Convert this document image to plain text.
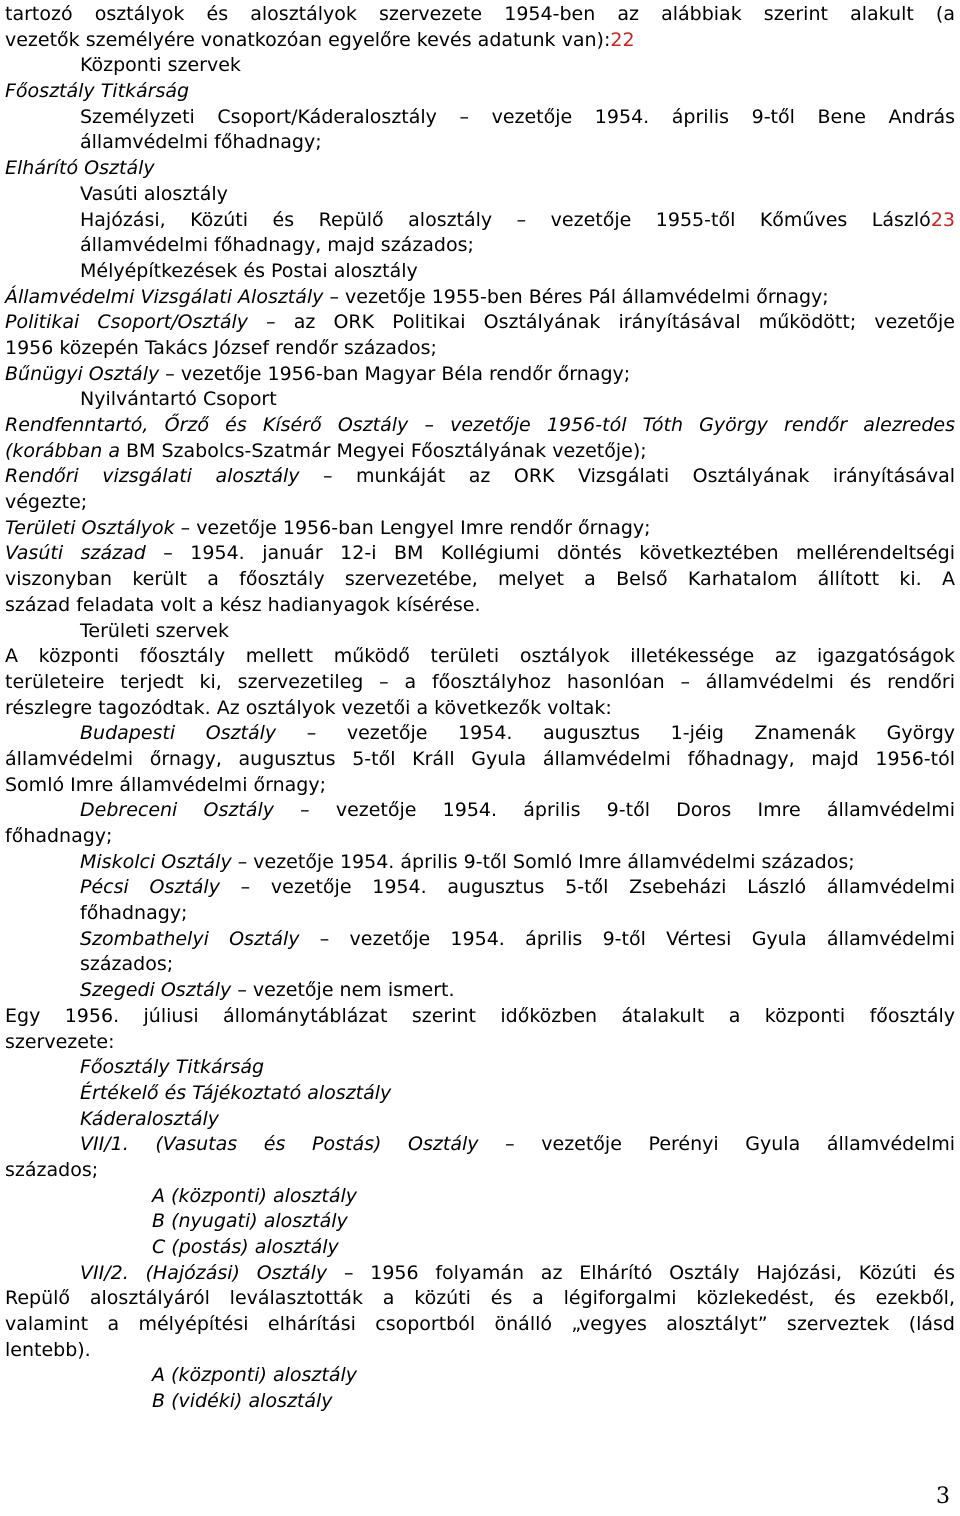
tartozó osztályok és alosztályok szervezete 1954-ben az alábbiak szerint alakult (a
vezetők személyére vonatkozóan egyelőre kevés adatunk van):22
Központi szervek
Főosztály Titkárság
Személyzeti Csoport/Káderalosztály – vezetője 1954. április 9-től Bene András
államvédelmi főhadnagy;
Elhárító Osztály
Vasúti alosztály
Hajózási, Közúti és Repülő alosztály – vezetője 1955-től Kőműves László 23
államvédelmi főhadnagy, majd százados;
Mélyépítkezések és Postai alosztály
Államvédelmi Vizsgálati Alosztály – vezetője 1955-ben Béres Pál államvédelmi őrnagy;
Politikai Csoport/Osztály – az ORK Politikai Osztályának irányításával működött; vezetője
1956 közepén Takács József rendőr százados;
Bűnügyi Osztály – vezetője 1956-ban Magyar Béla rendőr őrnagy;
Nyilvántartó Csoport
Rendfenntartó, Őrző és Kísérő Osztály – vezetője 1956-tól Tóth György rendőr alezredes
(korábban a BM Szabolcs-Szatmár Megyei Főosztályának vezetője);
Rendőri vizsgálati alosztály – munkáját az ORK Vizsgálati Osztályának irányításával
végezte;
Területi Osztályok – vezetője 1956-ban Lengyel Imre rendőr őrnagy;
Vasúti század – 1954. január 12-i BM Kollégiumi döntés következtében mellérendeltségi
viszonyban került a főosztály szervezetébe, melyet a Belső Karhatalom állított ki. A
század feladata volt a kész hadianyagok kísérése.
Területi szervek
A központi főosztály mellett működő területi osztályok illetékessége az igazgatóságok
területeire terjedt ki, szervezetileg – a főosztályhoz hasonlóan – államvédelmi és rendőri
részlegre tagozódtak. Az osztályok vezetői a következők voltak:
Budapesti Osztály – vezetője 1954. augusztus 1-jéig Znamenák György
államvédelmi őrnagy, augusztus 5-től Králl Gyula államvédelmi főhadnagy, majd 1956-tól
Somló Imre államvédelmi őrnagy;
Debreceni Osztály – vezetője 1954. április 9-től Doros Imre államvédelmi
főhadnagy;
Miskolci Osztály – vezetője 1954. április 9-től Somló Imre államvédelmi százados;
Pécsi Osztály – vezetője 1954. augusztus 5-től Zsebeházi László államvédelmi
főhadnagy;
Szombathelyi Osztály – vezetője 1954. április 9-től Vértesi Gyula államvédelmi
százados;
Szegedi Osztály – vezetője nem ismert.
Egy 1956. júliusi állománytáblázat szerint időközben átalakult a központi főosztály
szervezete:
Főosztály Titkárság
Értékelő és Tájékoztató alosztály
Káderalosztály
VII/1. (Vasutas és Postás) Osztály – vezetője Perényi Gyula államvédelmi
százados;
A (központi) alosztály
B (nyugati) alosztály
C (postás) alosztály
VII/2. (Hajózási) Osztály – 1956 folyamán az Elhárító Osztály Hajózási, Közúti és
Repülő alosztályáról leválasztották a közúti és a légiforgalmi közlekedést, és ezekből,
valamint a mélyépítési elhárítási csoportból önálló „vegyes alosztályt” szerveztek (lásd
lentebb).
A (központi) alosztály
B (vidéki) alosztály
3
